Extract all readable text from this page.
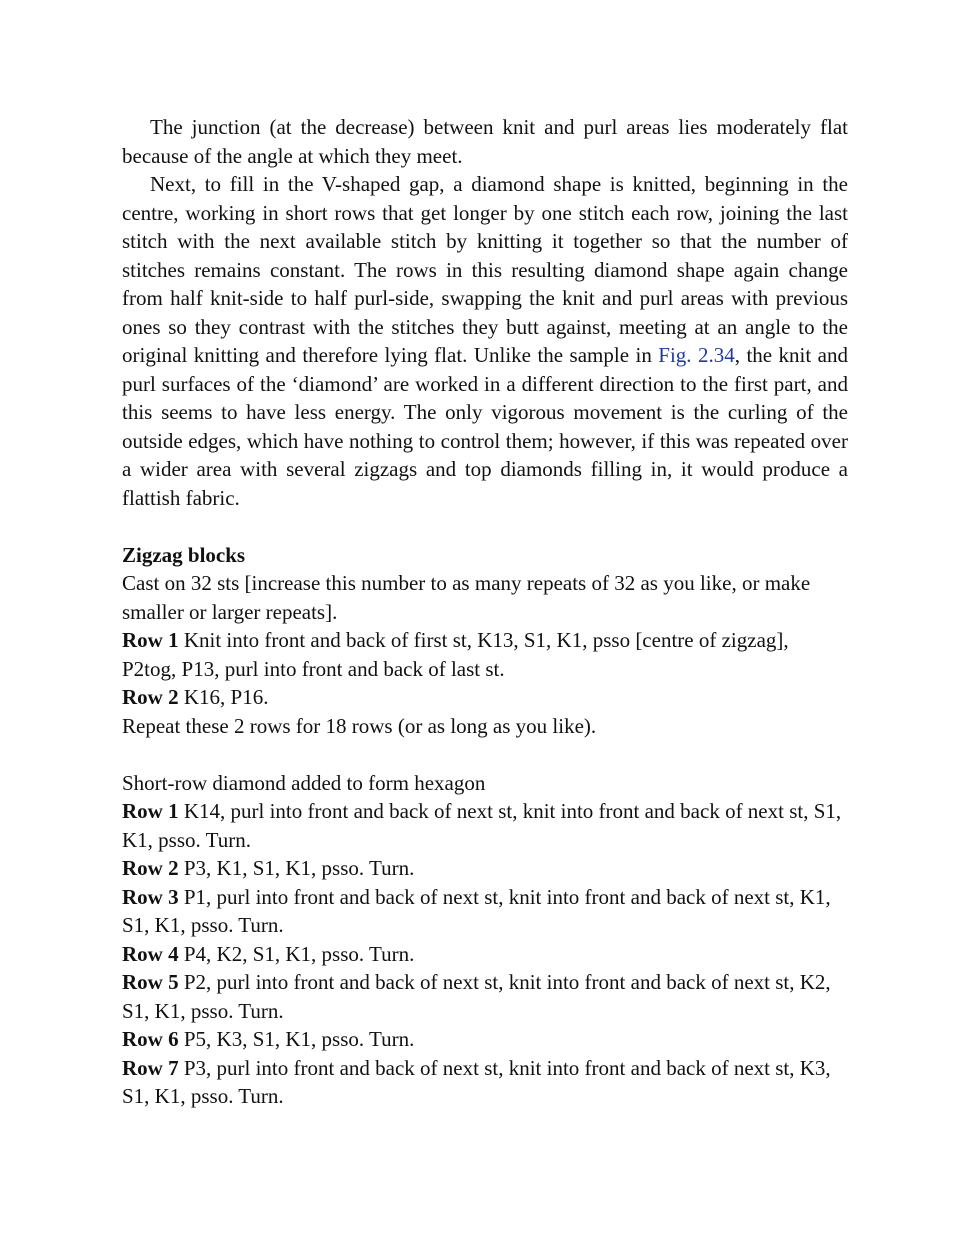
The junction (at the decrease) between knit and purl areas lies moderately flat because of the angle at which they meet.

Next, to fill in the V-shaped gap, a diamond shape is knitted, beginning in the centre, working in short rows that get longer by one stitch each row, joining the last stitch with the next available stitch by knitting it together so that the number of stitches remains constant. The rows in this resulting diamond shape again change from half knit-side to half purl-side, swapping the knit and purl areas with previous ones so they contrast with the stitches they butt against, meeting at an angle to the original knitting and therefore lying flat. Unlike the sample in Fig. 2.34, the knit and purl surfaces of the ‘diamond’ are worked in a different direction to the first part, and this seems to have less energy. The only vigorous movement is the curling of the outside edges, which have nothing to control them; however, if this was repeated over a wider area with several zigzags and top diamonds filling in, it would produce a flattish fabric.

Zigzag blocks

Cast on 32 sts [increase this number to as many repeats of 32 as you like, or make smaller or larger repeats].

Row 1 Knit into front and back of first st, K13, S1, K1, psso [centre of zigzag], P2tog, P13, purl into front and back of last st.

Row 2 K16, P16.

Repeat these 2 rows for 18 rows (or as long as you like).

Short-row diamond added to form hexagon

Row 1 K14, purl into front and back of next st, knit into front and back of next st, S1, K1, psso. Turn.

Row 2 P3, K1, S1, K1, psso. Turn.

Row 3 P1, purl into front and back of next st, knit into front and back of next st, K1, S1, K1, psso. Turn.

Row 4 P4, K2, S1, K1, psso. Turn.

Row 5 P2, purl into front and back of next st, knit into front and back of next st, K2, S1, K1, psso. Turn.

Row 6 P5, K3, S1, K1, psso. Turn.

Row 7 P3, purl into front and back of next st, knit into front and back of next st, K3, S1, K1, psso. Turn.
